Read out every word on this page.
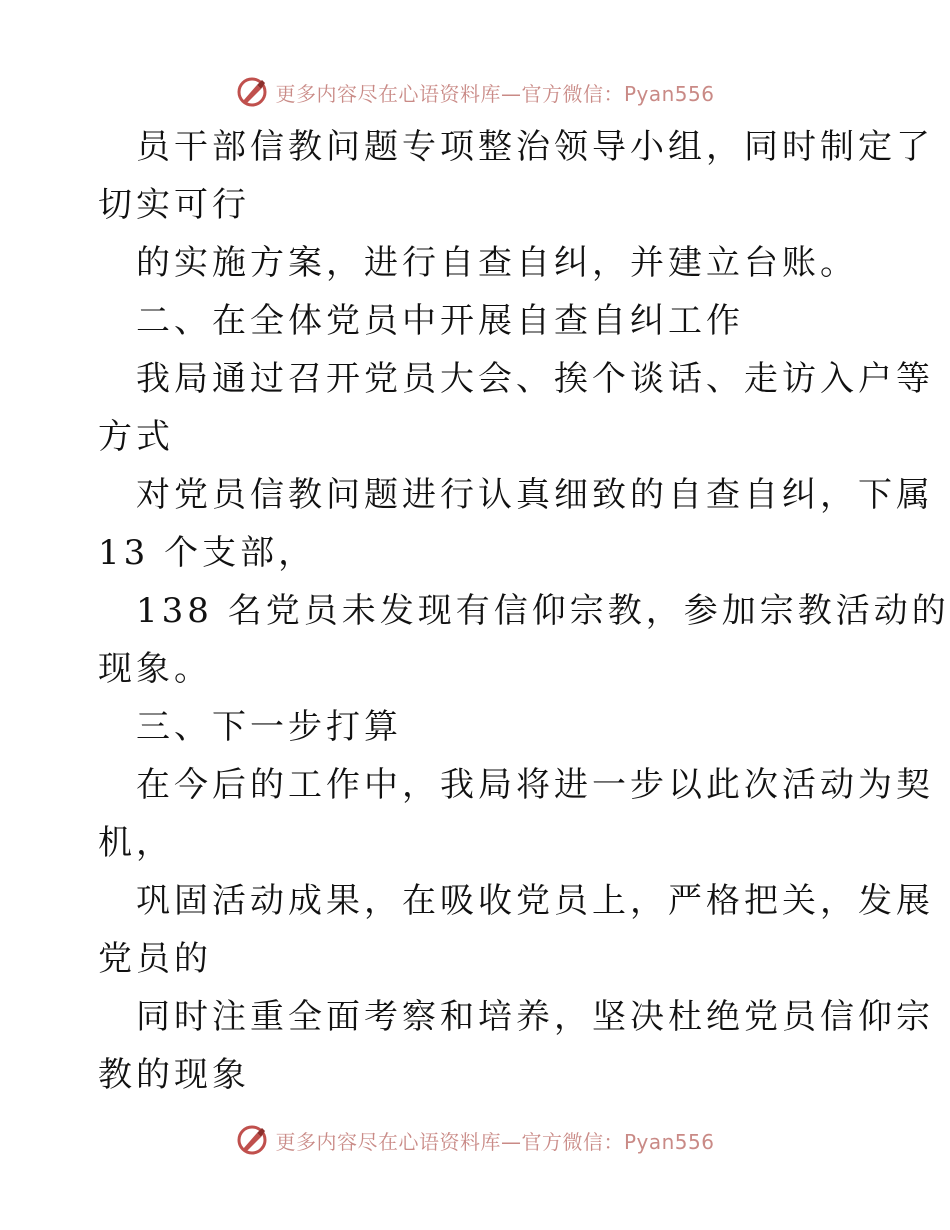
更多内容尽在心语资料库—官方微信：Pyan556
员干部信教问题专项整治领导小组，同时制定了
切实可行
的实施方案，进行自查自纠，并建立台账。
二、在全体党员中开展自查自纠工作
我局通过召开党员大会、挨个谈话、走访入户等
方式
对党员信教问题进行认真细致的自查自纠，下属
13 个支部，
138 名党员未发现有信仰宗教，参加宗教活动的
现象。
三、下一步打算
在今后的工作中，我局将进一步以此次活动为契
机，
巩固活动成果，在吸收党员上，严格把关，发展
党员的
同时注重全面考察和培养，坚决杜绝党员信仰宗
教的现象
更多内容尽在心语资料库—官方微信：Pyan556
